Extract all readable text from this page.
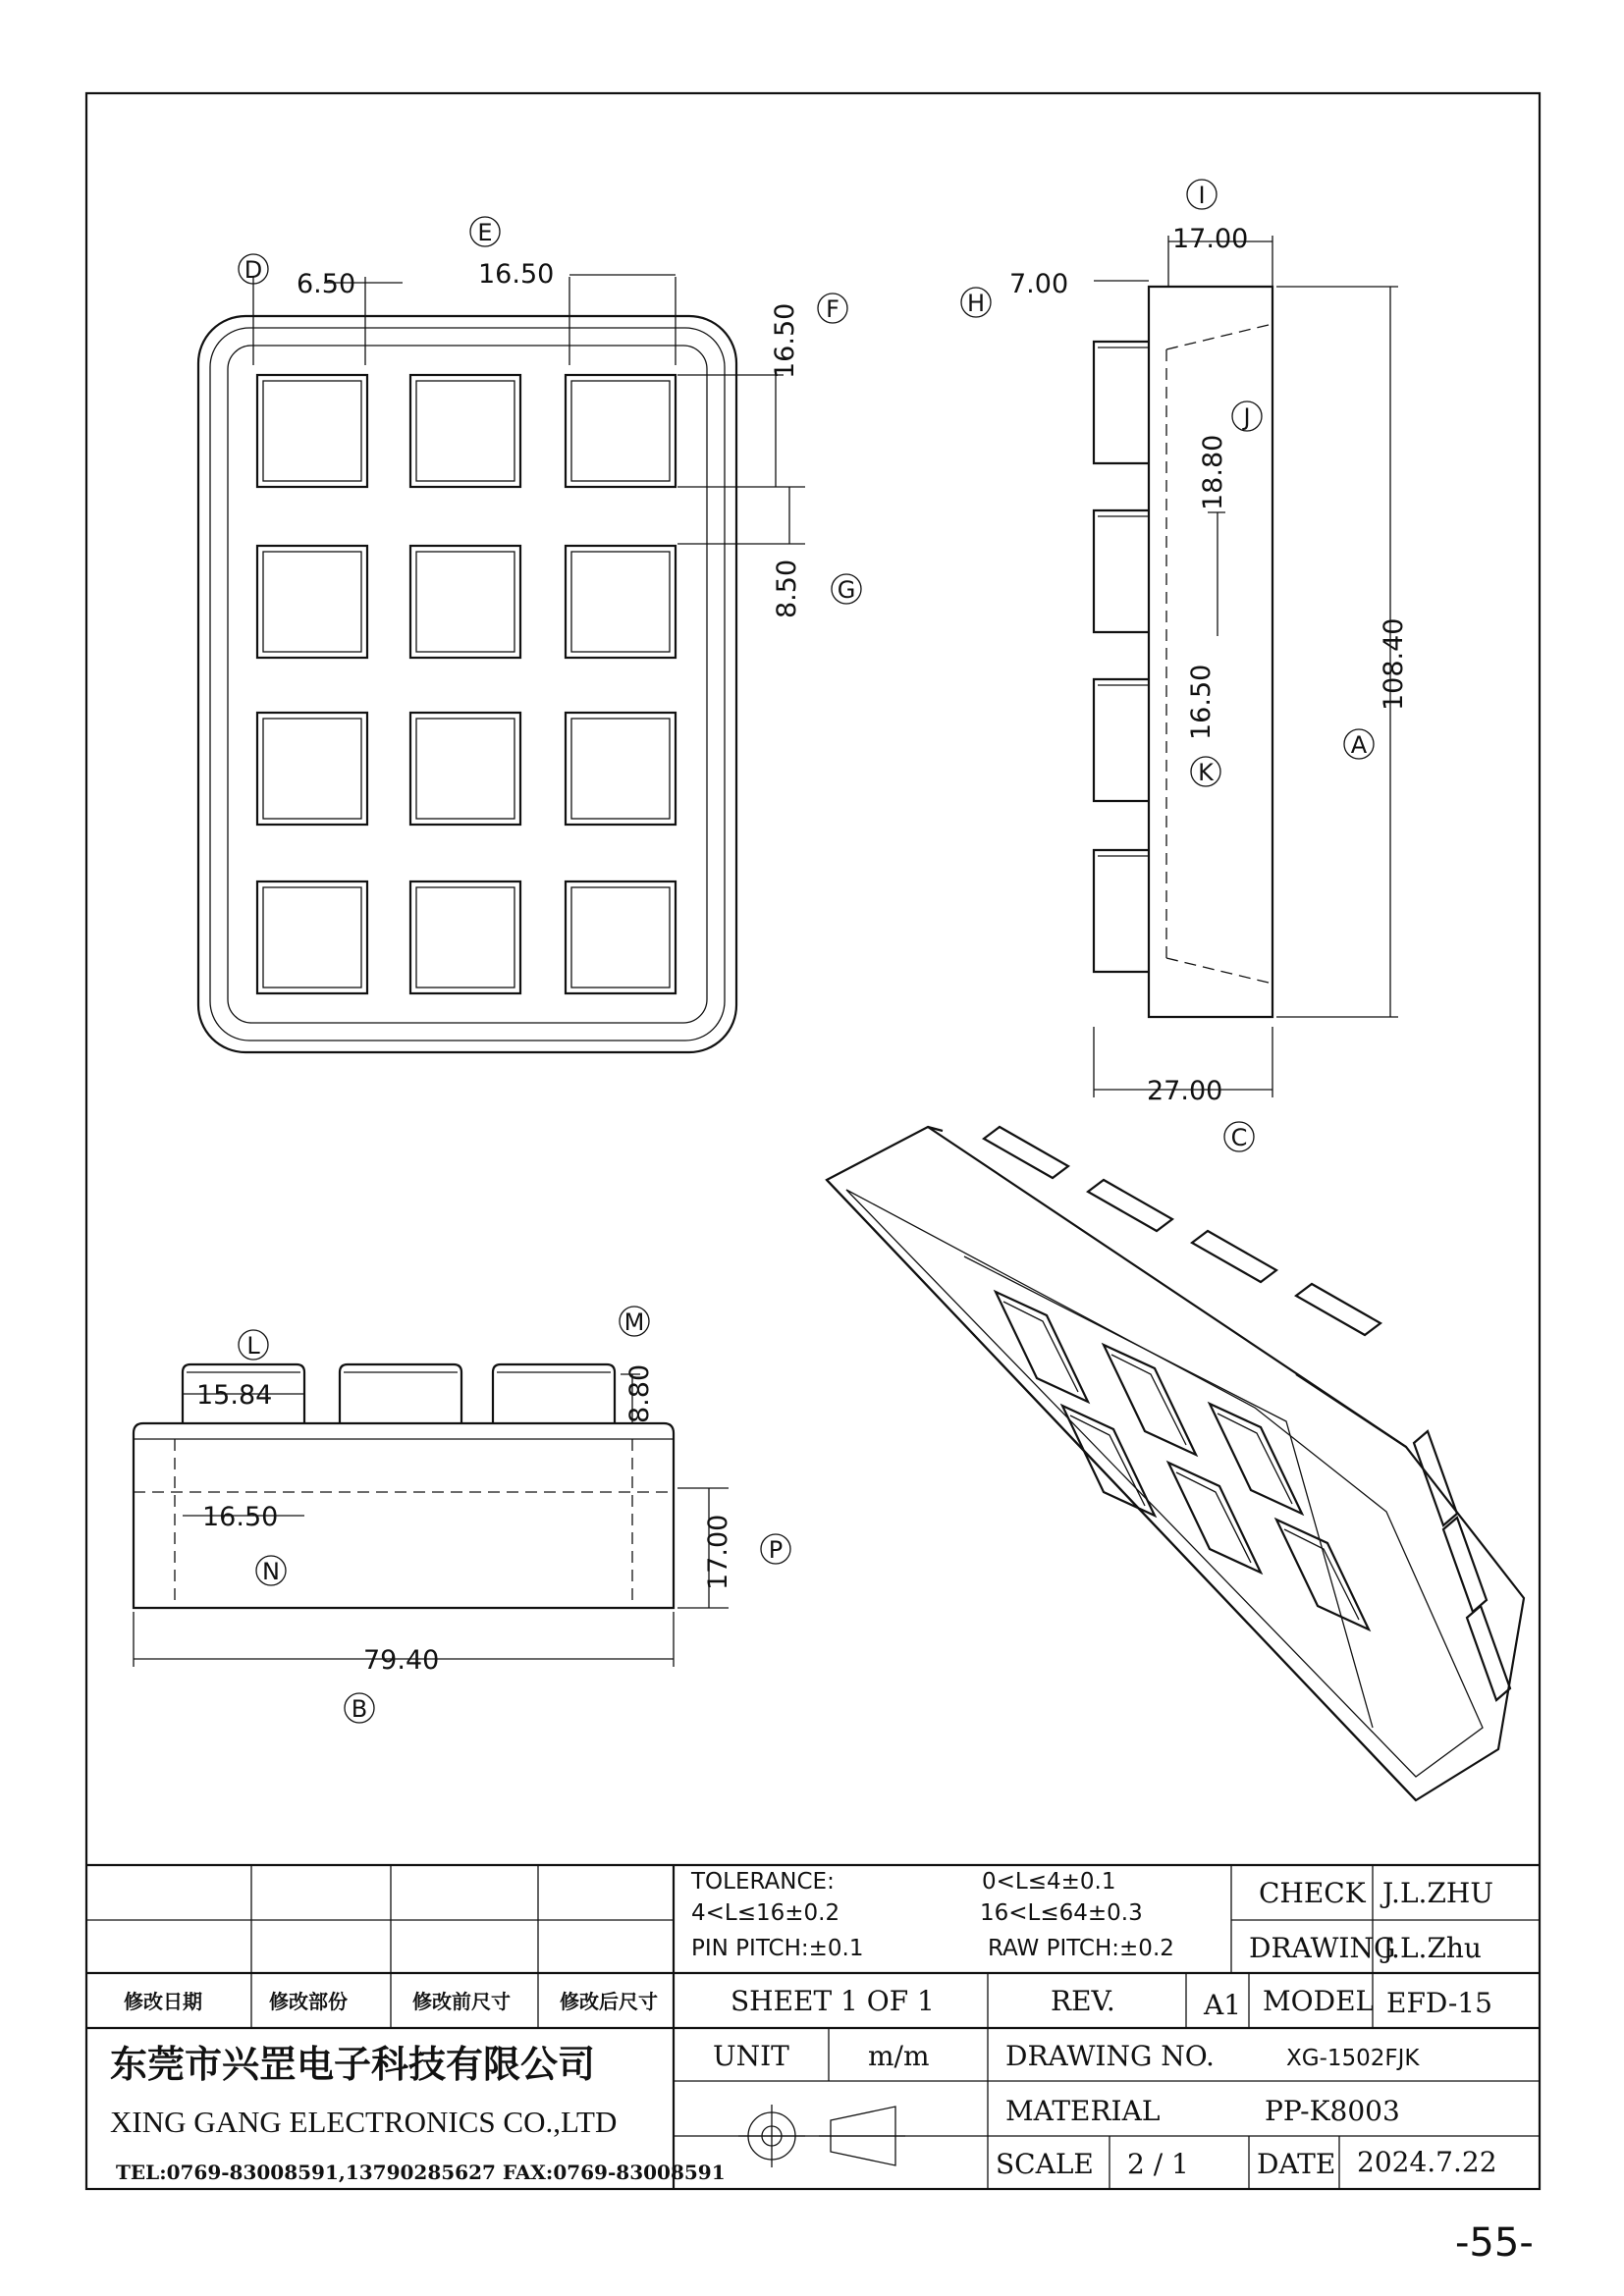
6.50	16.50
16.50
8.50
D
E
F
G
17.00
7.00
18.80
108.40
16.50
27.00
I
H
J
K
A
C
15.84	8.80
16.50	17.00
79.40
L
M
N
P
B
TOLERANCE:	0<L≤4±0.1
4<L≤16±0.2	16<L≤64±0.3
PIN PITCH:±0.1	RAW PITCH:±0.2
CHECK J.L.ZHU
DRAWING
J.L.Zhu
修改日期	修改部份	修改前尺寸	修改后尺寸	SHEET 1 OF 1	REV.	A1 MODEL EFD-15
东莞市兴罡电子科技有限公司
XING GANG ELECTRONICS CO.,LTD
TEL:0769-83008591,13790285627 FAX:0769-83008591
UNIT	m/m	DRAWING NO.	XG-1502FJK
MATERIAL	PP-K8003
SCALE 2 / 1 DATE 2024.7.22
-55-
